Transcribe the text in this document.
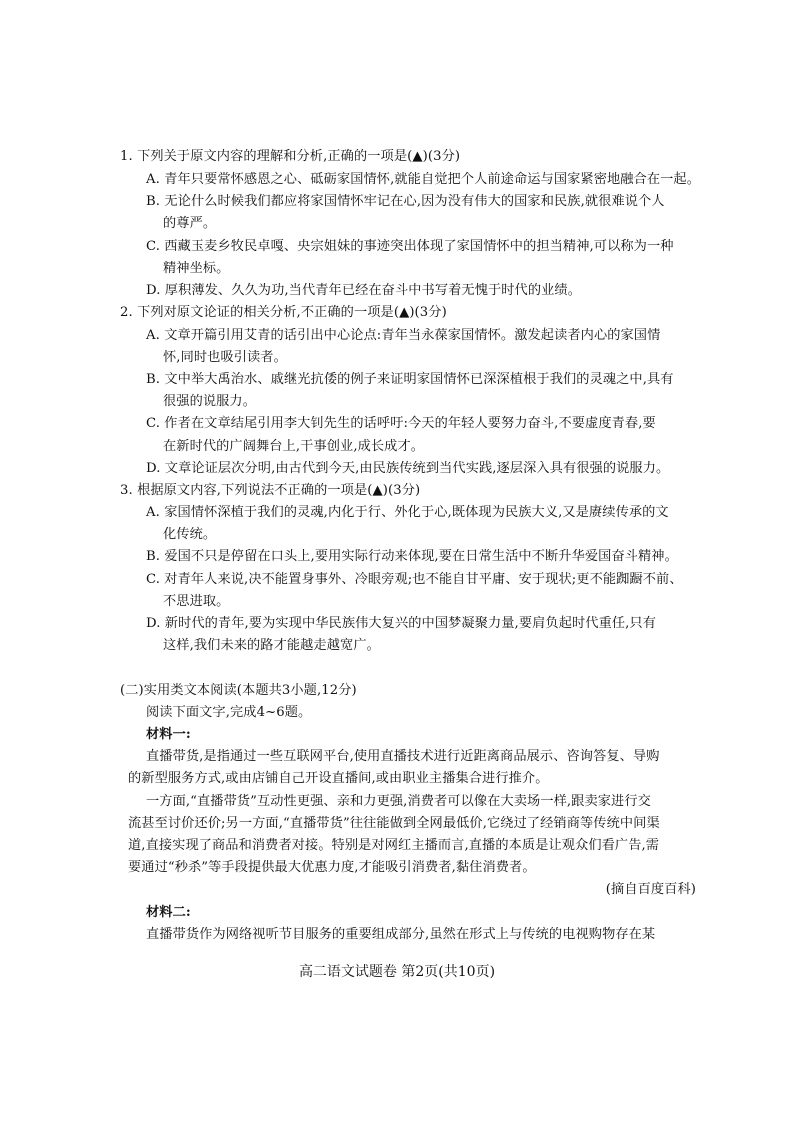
1. 下列关于原文内容的理解和分析,正确的一项是(▲)(3分)
A. 青年只要常怀感恩之心、砥砺家国情怀,就能自觉把个人前途命运与国家紧密地融合在一起。
B. 无论什么时候我们都应将家国情怀牢记在心,因为没有伟大的国家和民族,就很难说个人
的尊严。
C. 西藏玉麦乡牧民卓嘎、央宗姐妹的事迹突出体现了家国情怀中的担当精神,可以称为一种
精神坐标。
D. 厚积薄发、久久为功,当代青年已经在奋斗中书写着无愧于时代的业绩。
2. 下列对原文论证的相关分析,不正确的一项是(▲)(3分)
A. 文章开篇引用艾青的话引出中心论点:青年当永葆家国情怀。激发起读者内心的家国情
怀,同时也吸引读者。
B. 文中举大禹治水、戚继光抗倭的例子来证明家国情怀已深深植根于我们的灵魂之中,具有
很强的说服力。
C. 作者在文章结尾引用李大钊先生的话呼吁:今天的年轻人要努力奋斗,不要虚度青春,要
在新时代的广阔舞台上,干事创业,成长成才。
D. 文章论证层次分明,由古代到今天,由民族传统到当代实践,逐层深入具有很强的说服力。
3. 根据原文内容,下列说法不正确的一项是(▲)(3分)
A. 家国情怀深植于我们的灵魂,内化于行、外化于心,既体现为民族大义,又是赓续传承的文
化传统。
B. 爱国不只是停留在口头上,要用实际行动来体现,要在日常生活中不断升华爱国奋斗精神。
C. 对青年人来说,决不能置身事外、冷眼旁观;也不能自甘平庸、安于现状;更不能踟蹰不前、
不思进取。
D. 新时代的青年,要为实现中华民族伟大复兴的中国梦凝聚力量,要肩负起时代重任,只有
这样,我们未来的路才能越走越宽广。
(二)实用类文本阅读(本题共3小题,12分)
阅读下面文字,完成4~6题。
材料一:
直播带货,是指通过一些互联网平台,使用直播技术进行近距离商品展示、咨询答复、导购
的新型服务方式,或由店铺自己开设直播间,或由职业主播集合进行推介。
一方面,“直播带货”互动性更强、亲和力更强,消费者可以像在大卖场一样,跟卖家进行交
流甚至讨价还价;另一方面,“直播带货”往往能做到全网最低价,它绕过了经销商等传统中间渠
道,直接实现了商品和消费者对接。特别是对网红主播而言,直播的本质是让观众们看广告,需
要通过“秒杀”等手段提供最大优惠力度,才能吸引消费者,黏住消费者。
(摘自百度百科)
材料二:
直播带货作为网络视听节目服务的重要组成部分,虽然在形式上与传统的电视购物存在某
高二语文试题卷 第2页(共10页)
